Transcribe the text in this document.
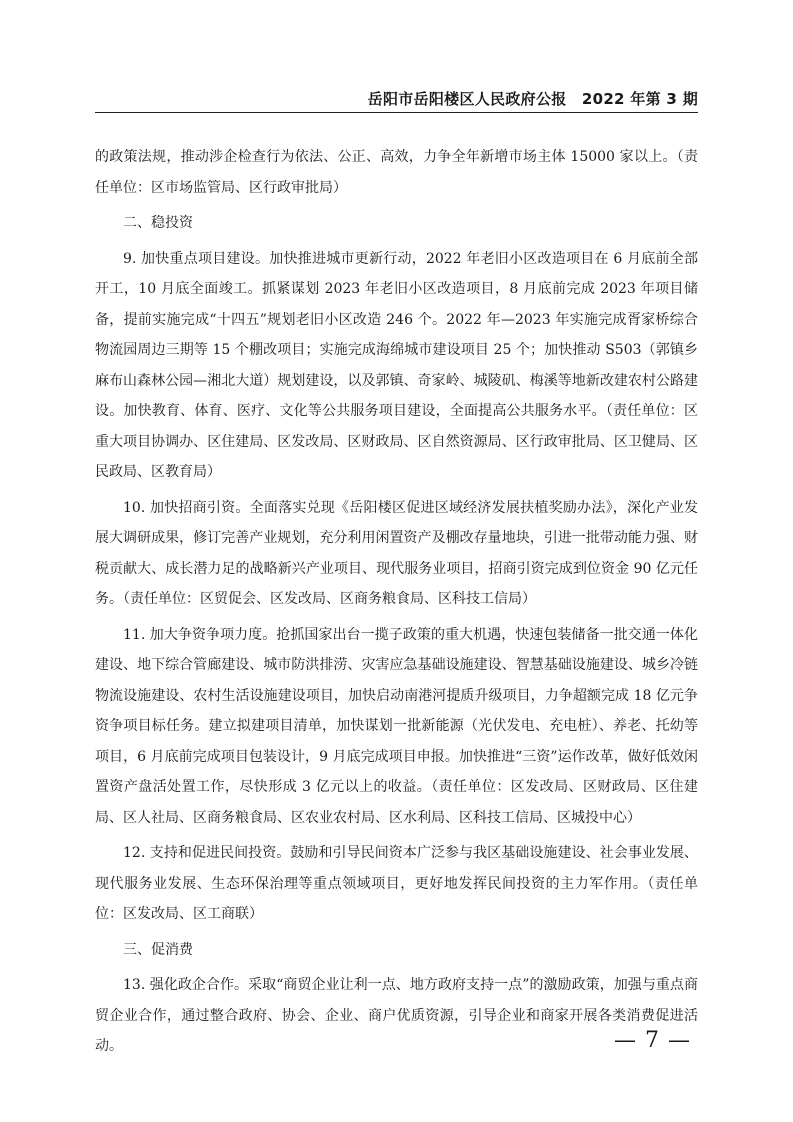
岳阳市岳阳楼区人民政府公报　2022 年第 3 期

的政策法规，推动涉企检查行为依法、公正、高效，力争全年新增市场主体 15000 家以上。（责任单位：区市场监管局、区行政审批局）

二、稳投资

9. 加快重点项目建设。加快推进城市更新行动，2022 年老旧小区改造项目在 6 月底前全部开工，10 月底全面竣工。抓紧谋划 2023 年老旧小区改造项目，8 月底前完成 2023 年项目储备，提前实施完成“十四五”规划老旧小区改造 246 个。2022 年—2023 年实施完成胥家桥综合物流园周边三期等 15 个棚改项目；实施完成海绵城市建设项目 25 个；加快推动 S503（郭镇乡麻布山森林公园—湘北大道）规划建设，以及郭镇、奇家岭、城陵矶、梅溪等地新改建农村公路建设。加快教育、体育、医疗、文化等公共服务项目建设，全面提高公共服务水平。（责任单位：区重大项目协调办、区住建局、区发改局、区财政局、区自然资源局、区行政审批局、区卫健局、区民政局、区教育局）

10. 加快招商引资。全面落实兑现《岳阳楼区促进区域经济发展扶植奖励办法》，深化产业发展大调研成果，修订完善产业规划，充分利用闲置资产及棚改存量地块，引进一批带动能力强、财税贡献大、成长潜力足的战略新兴产业项目、现代服务业项目，招商引资完成到位资金 90 亿元任务。（责任单位：区贸促会、区发改局、区商务粮食局、区科技工信局）

11. 加大争资争项力度。抢抓国家出台一揽子政策的重大机遇，快速包装储备一批交通一体化建设、地下综合管廊建设、城市防洪排涝、灾害应急基础设施建设、智慧基础设施建设、城乡冷链物流设施建设、农村生活设施建设项目，加快启动南港河提质升级项目，力争超额完成 18 亿元争资争项目标任务。建立拟建项目清单，加快谋划一批新能源（光伏发电、充电桩）、养老、托幼等项目，6 月底前完成项目包装设计，9 月底完成项目申报。加快推进“三资”运作改革，做好低效闲置资产盘活处置工作，尽快形成 3 亿元以上的收益。（责任单位：区发改局、区财政局、区住建局、区人社局、区商务粮食局、区农业农村局、区水利局、区科技工信局、区城投中心）

12. 支持和促进民间投资。鼓励和引导民间资本广泛参与我区基础设施建设、社会事业发展、现代服务业发展、生态环保治理等重点领域项目，更好地发挥民间投资的主力军作用。（责任单位：区发改局、区工商联）

三、促消费

13. 强化政企合作。采取“商贸企业让利一点、地方政府支持一点”的激励政策，加强与重点商贸企业合作，通过整合政府、协会、企业、商户优质资源，引导企业和商家开展各类消费促进活动。	— 7 —
